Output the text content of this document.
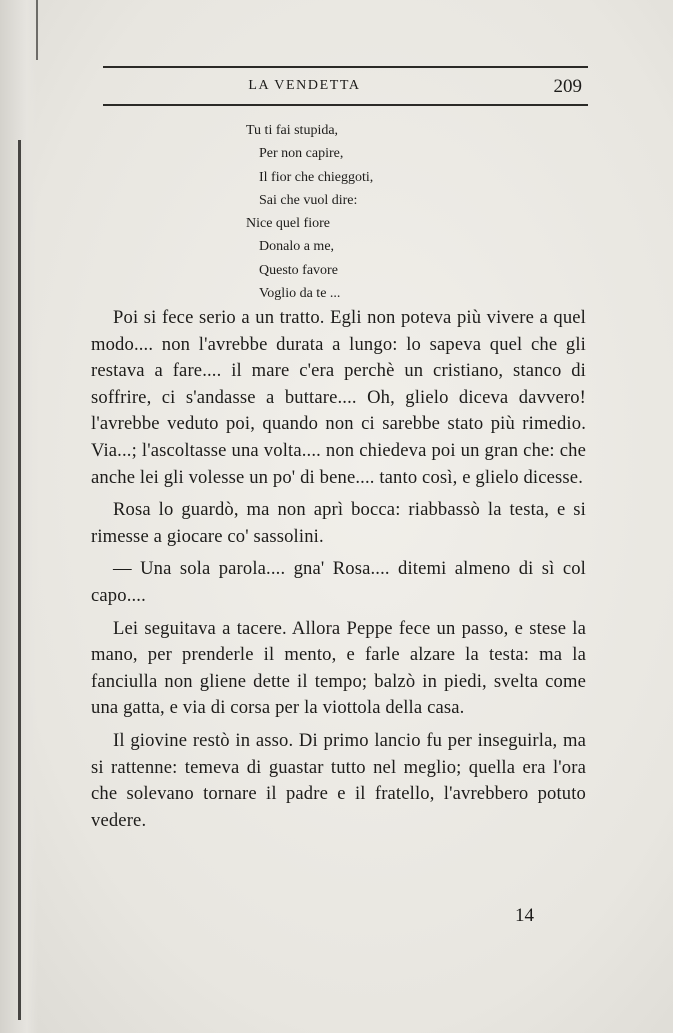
LA VENDETTA	209
Tu ti fai stupida,
Per non capire,
Il fior che chieggoti,
Sai che vuol dire:
Nice quel fiore
Donalo a me,
Questo favore
Voglio da te ...

Poi si fece serio a un tratto. Egli non poteva più vivere a quel modo.... non l'avrebbe durata a lungo: lo sapeva quel che gli restava a fare.... il mare c'era perchè un cristiano, stanco di soffrire, ci s'andasse a buttare.... Oh, glielo diceva davvero! l'avrebbe veduto poi, quando non ci sarebbe stato più rimedio. Via...; l'ascoltasse una volta.... non chiedeva poi un gran che: che anche lei gli volesse un po' di bene.... tanto così, e glielo dicesse.

Rosa lo guardò, ma non aprì bocca: riabbassò la testa, e si rimesse a giocare co' sassolini.

— Una sola parola.... gna' Rosa.... ditemi almeno di sì col capo....

Lei seguitava a tacere. Allora Peppe fece un passo, e stese la mano, per prenderle il mento, e farle alzare la testa: ma la fanciulla non gliene dette il tempo; balzò in piedi, svelta come una gatta, e via di corsa per la viottola della casa.

Il giovine restò in asso. Di primo lancio fu per inseguirla, ma si rattenne: temeva di guastar tutto nel meglio; quella era l'ora che solevano tornare il padre e il fratello, l'avrebbero potuto vedere.

14
